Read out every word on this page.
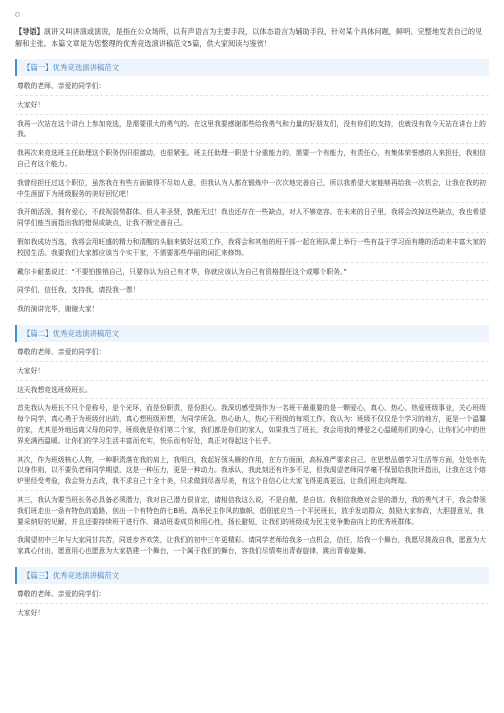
【导语】演讲又叫讲演或演说，是指在公众场所，以有声语言为主要手段，以体态语言为辅助手段，针对某个具体问题，鲜明、完整地发表自己的见解和主张。本篇文章是为您整理的优秀竞选演讲稿范文5篇，供大家阅读与鉴赏！
【篇一】优秀竞选演讲稿范文

尊敬的老师、亲爱的同学们：

大家好！

我再一次站在这个讲台上参加竞选，是需要很大的勇气的。在这里我要感谢那些给我勇气和力量的好朋友们，没有你们的支持，也就没有我今天站在讲台上的我。

我再次来竞选班主任助理这个职务仍旧很激动，也很紧张。班主任助理一职是十分重能力的，需要一个有能力，有责任心，有集体荣誉感的人来担任，我相信自己有这个能力。

我曾经担任过这个职位，虽然我在有些方面做得不尽如人意，但我认为人都在锻炼中一次次地完善自己，所以我希望大家能够再给我一次机会，让我在我的初中生涯留下为班级服务的美好回忆吧！

我开朗活泼，拥有爱心，不歧视弱势群体。但人非圣贤，孰能无过！我也还存在一些缺点，对人不够宽容。在未来的日子里，我将会改掉这些缺点，我也希望同学们能当面指出我的错误或缺点，让我不断完善自己。

假如我成功当选，我将会用旺盛的精力和清醒的头脑来做好这项工作，我将会和其他的班干部一起在班队课上举行一些有益于学习而有趣的活动来丰富大家的校园生活。我要我们大家都应该当个实干家，不需要那些华丽的词汇来修饰。

戴尔卡耐基说过：“不要怕推销自己，只要你认为自己有才华，你就应该认为自己有资格提任这个或哪个职务。”

同学们，信任我，支持我，请投我一票！

我的演讲完毕，谢谢大家！

【篇二】优秀竞选演讲稿范文

尊敬的老师、亲爱的同学们：

大家好！

这天我想竞选班级班长。

首先我认为班长不只个是称号，是个光环，而是份职责，是份担心。我深切感受到作为一名班干最重要的是一颗爱心，真心、热心。热爱班级事业，关心班级每个同学，真心勇于为班级付出的，真心想班级形想，为同学所急。热心助人，热心干班级的每项工作。我认为：班级不仅仅是个学习的地方，更是一个温馨的家，尤其是外地远离父母的同学，班级就是你们第二个家，我们都是你们的家人，如果我当了班长，我会用我的博爱之心温暖你们的身心，让你们心中的世界充满西温暖。让你们的学习生活丰富而充实，快乐而有好处，真正对得起这个长乎。

其次，作为班级核心人物，一种职责落在我的肩上，我明白，我起好领头雁的作用，在方方面面，高标准严要求自己。在思想品德学习生活等方面，处处率先以身作则，以不要负老师同学期望，这是一种压力，更是一种动力。我承认，我此刻还有许多不足，但我渴望老师同学毫不保留给我批评指出，让我在这个熔炉里经受考验，我会努力去改，我不求自己十全十美，只求做到尽善尽美，有这个自信心让大家飞得更高更远，让我们班走向辉煌。

其三，我认为要当班长务必具备必须潜力，我对自己潜力很肯定，请相信我这么说，不是自傲，是自信。我相信我绝对会是的潜力，我的勇气才干，我会带领我们班走出一条有特色的道路，创出一个有特色的七B班。高举民主作风的旗帜，倡佃底应当一个平民班长，放手发动群众，鼓励大家参政，大胆提意见，我要采纳好的见解，并且还要持续班干进行作、调动班委成员和用心性，扬长避短，让我们的班级成为民主竞争勤奋向上的优秀班群体。

我渴望初中三年与大家同甘共苦，同进步齐欢笑，让我们的初中三年更精彩。请同学老师给我多一点机会，信任，给我一个舞台，我愿尽挑战自我，愿意为大家真心付出，愿意用心也愿意为大家搭建一个舞台，一个属于我们的舞台，容我们尽情奏出青春旋律，跳出青春旋舞。

【篇三】优秀竞选演讲稿范文

尊敬的老师、亲爱的同学们：

大家好！
